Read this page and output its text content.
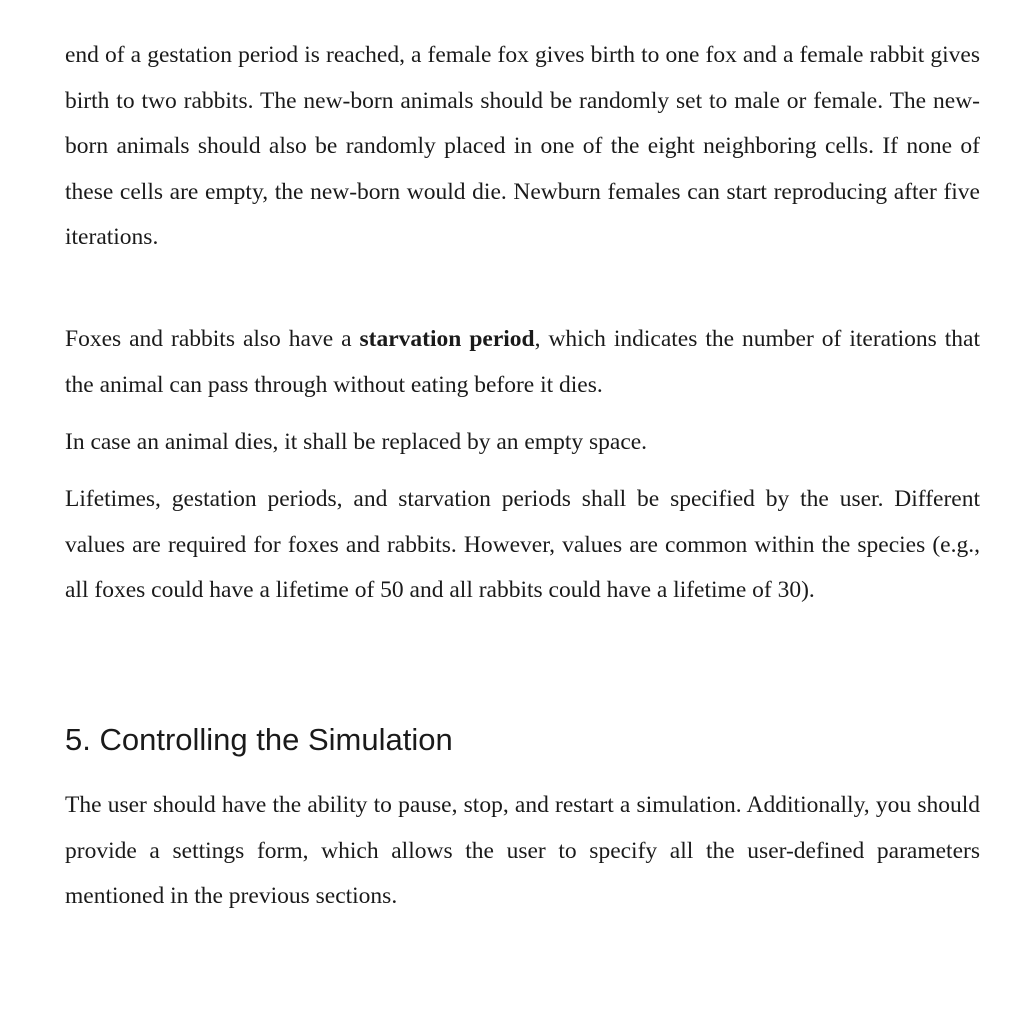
end of a gestation period is reached, a female fox gives birth to one fox and a female rabbit gives birth to two rabbits. The new-born animals should be randomly set to male or female. The new-born animals should also be randomly placed in one of the eight neighboring cells. If none of these cells are empty, the new-born would die. Newburn females can start reproducing after five iterations.

Foxes and rabbits also have a starvation period, which indicates the number of iterations that the animal can pass through without eating before it dies.

In case an animal dies, it shall be replaced by an empty space.

Lifetimes, gestation periods, and starvation periods shall be specified by the user. Different values are required for foxes and rabbits. However, values are common within the species (e.g., all foxes could have a lifetime of 50 and all rabbits could have a lifetime of 30).

5. Controlling the Simulation

The user should have the ability to pause, stop, and restart a simulation. Additionally, you should provide a settings form, which allows the user to specify all the user-defined parameters mentioned in the previous sections.
